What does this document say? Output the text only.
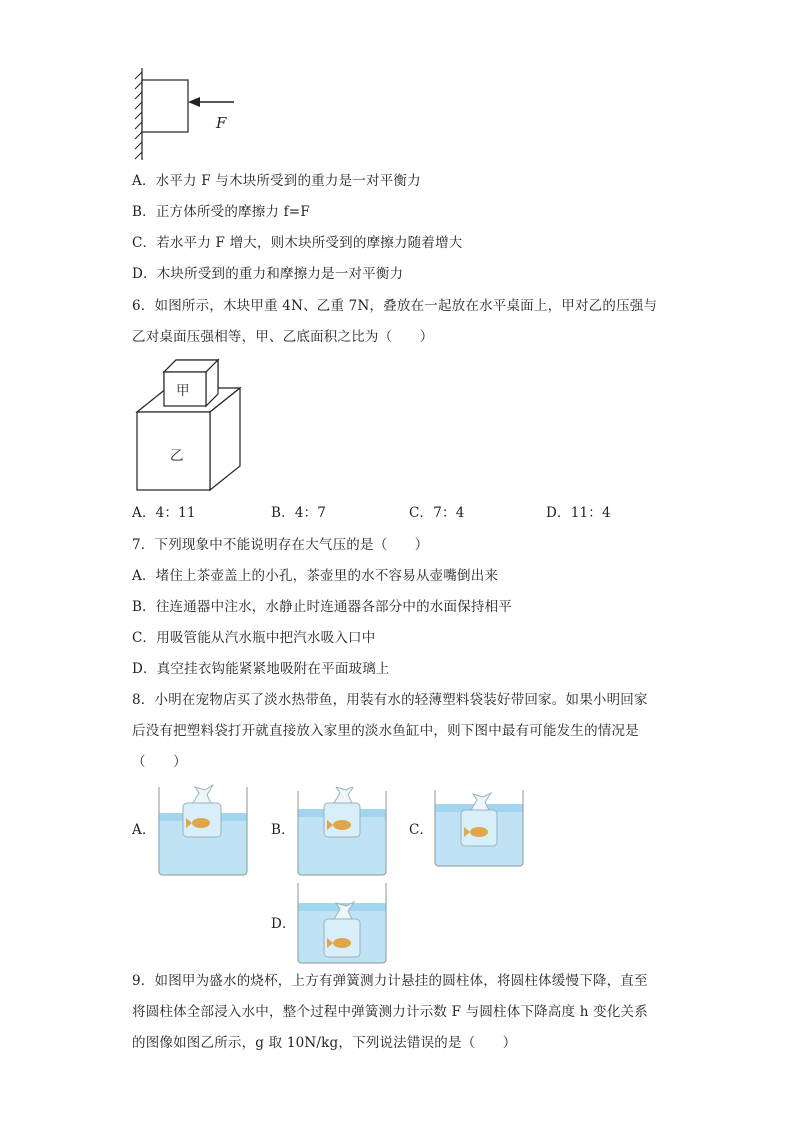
F
A．水平力 F 与木块所受到的重力是一对平衡力
B．正方体所受的摩擦力 f=F
C．若水平力 F 增大，则木块所受到的摩擦力随着增大
D．木块所受到的重力和摩擦力是一对平衡力
6．如图所示，木块甲重 4N、乙重 7N，叠放在一起放在水平桌面上，甲对乙的压强与
乙对桌面压强相等，甲、乙底面积之比为（　　）
甲
乙
A．4：11	B．4：7	C．7：4	D．11：4
7．下列现象中不能说明存在大气压的是（　　）
A．堵住上茶壶盖上的小孔，茶壶里的水不容易从壶嘴倒出来
B．往连通器中注水，水静止时连通器各部分中的水面保持相平
C．用吸管能从汽水瓶中把汽水吸入口中
D．真空挂衣钩能紧紧地吸附在平面玻璃上
8．小明在宠物店买了淡水热带鱼，用装有水的轻薄塑料袋装好带回家。如果小明回家
后没有把塑料袋打开就直接放入家里的淡水鱼缸中，则下图中最有可能发生的情况是
（　　）
A．	B．	C．
D．
9．如图甲为盛水的烧杯，上方有弹簧测力计悬挂的圆柱体，将圆柱体缓慢下降，直至
将圆柱体全部浸入水中，整个过程中弹簧测力计示数 F 与圆柱体下降高度 h 变化关系
的图像如图乙所示，g 取 10N/kg，下列说法错误的是（　　）
